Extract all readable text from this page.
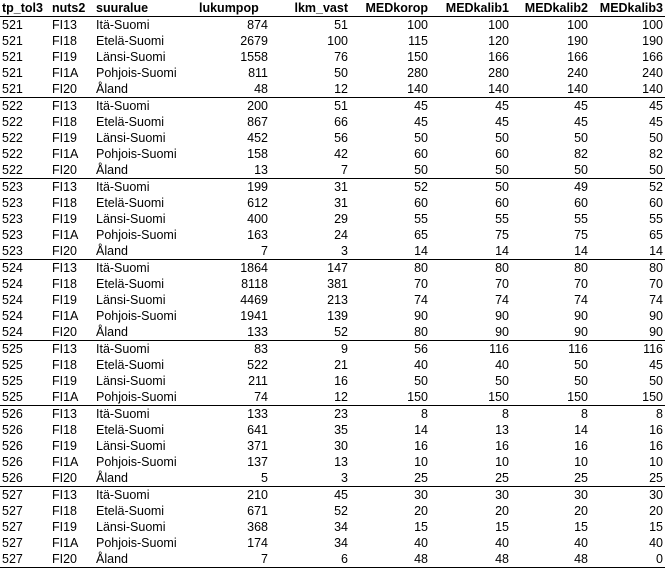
tp_tol3	nuts2	suuralue	lukumpop	lkm_vast	MEDkorop	MEDkalib1	MEDkalib2	MEDkalib3
521	FI13	Itä-Suomi	874	51	100	100	100	100
521	FI18	Etelä-Suomi	2679	100	115	120	190	190
521	FI19	Länsi-Suomi	1558	76	150	166	166	166
521	FI1A	Pohjois-Suomi	811	50	280	280	240	240
521	FI20	Åland	48	12	140	140	140	140
522	FI13	Itä-Suomi	200	51	45	45	45	45
522	FI18	Etelä-Suomi	867	66	45	45	45	45
522	FI19	Länsi-Suomi	452	56	50	50	50	50
522	FI1A	Pohjois-Suomi	158	42	60	60	82	82
522	FI20	Åland	13	7	50	50	50	50
523	FI13	Itä-Suomi	199	31	52	50	49	52
523	FI18	Etelä-Suomi	612	31	60	60	60	60
523	FI19	Länsi-Suomi	400	29	55	55	55	55
523	FI1A	Pohjois-Suomi	163	24	65	75	75	65
523	FI20	Åland	7	3	14	14	14	14
524	FI13	Itä-Suomi	1864	147	80	80	80	80
524	FI18	Etelä-Suomi	8118	381	70	70	70	70
524	FI19	Länsi-Suomi	4469	213	74	74	74	74
524	FI1A	Pohjois-Suomi	1941	139	90	90	90	90
524	FI20	Åland	133	52	80	90	90	90
525	FI13	Itä-Suomi	83	9	56	116	116	116
525	FI18	Etelä-Suomi	522	21	40	40	50	45
525	FI19	Länsi-Suomi	211	16	50	50	50	50
525	FI1A	Pohjois-Suomi	74	12	150	150	150	150
526	FI13	Itä-Suomi	133	23	8	8	8	8
526	FI18	Etelä-Suomi	641	35	14	13	14	16
526	FI19	Länsi-Suomi	371	30	16	16	16	16
526	FI1A	Pohjois-Suomi	137	13	10	10	10	10
526	FI20	Åland	5	3	25	25	25	25
527	FI13	Itä-Suomi	210	45	30	30	30	30
527	FI18	Etelä-Suomi	671	52	20	20	20	20
527	FI19	Länsi-Suomi	368	34	15	15	15	15
527	FI1A	Pohjois-Suomi	174	34	40	40	40	40
527	FI20	Åland	7	6	48	48	48	0
